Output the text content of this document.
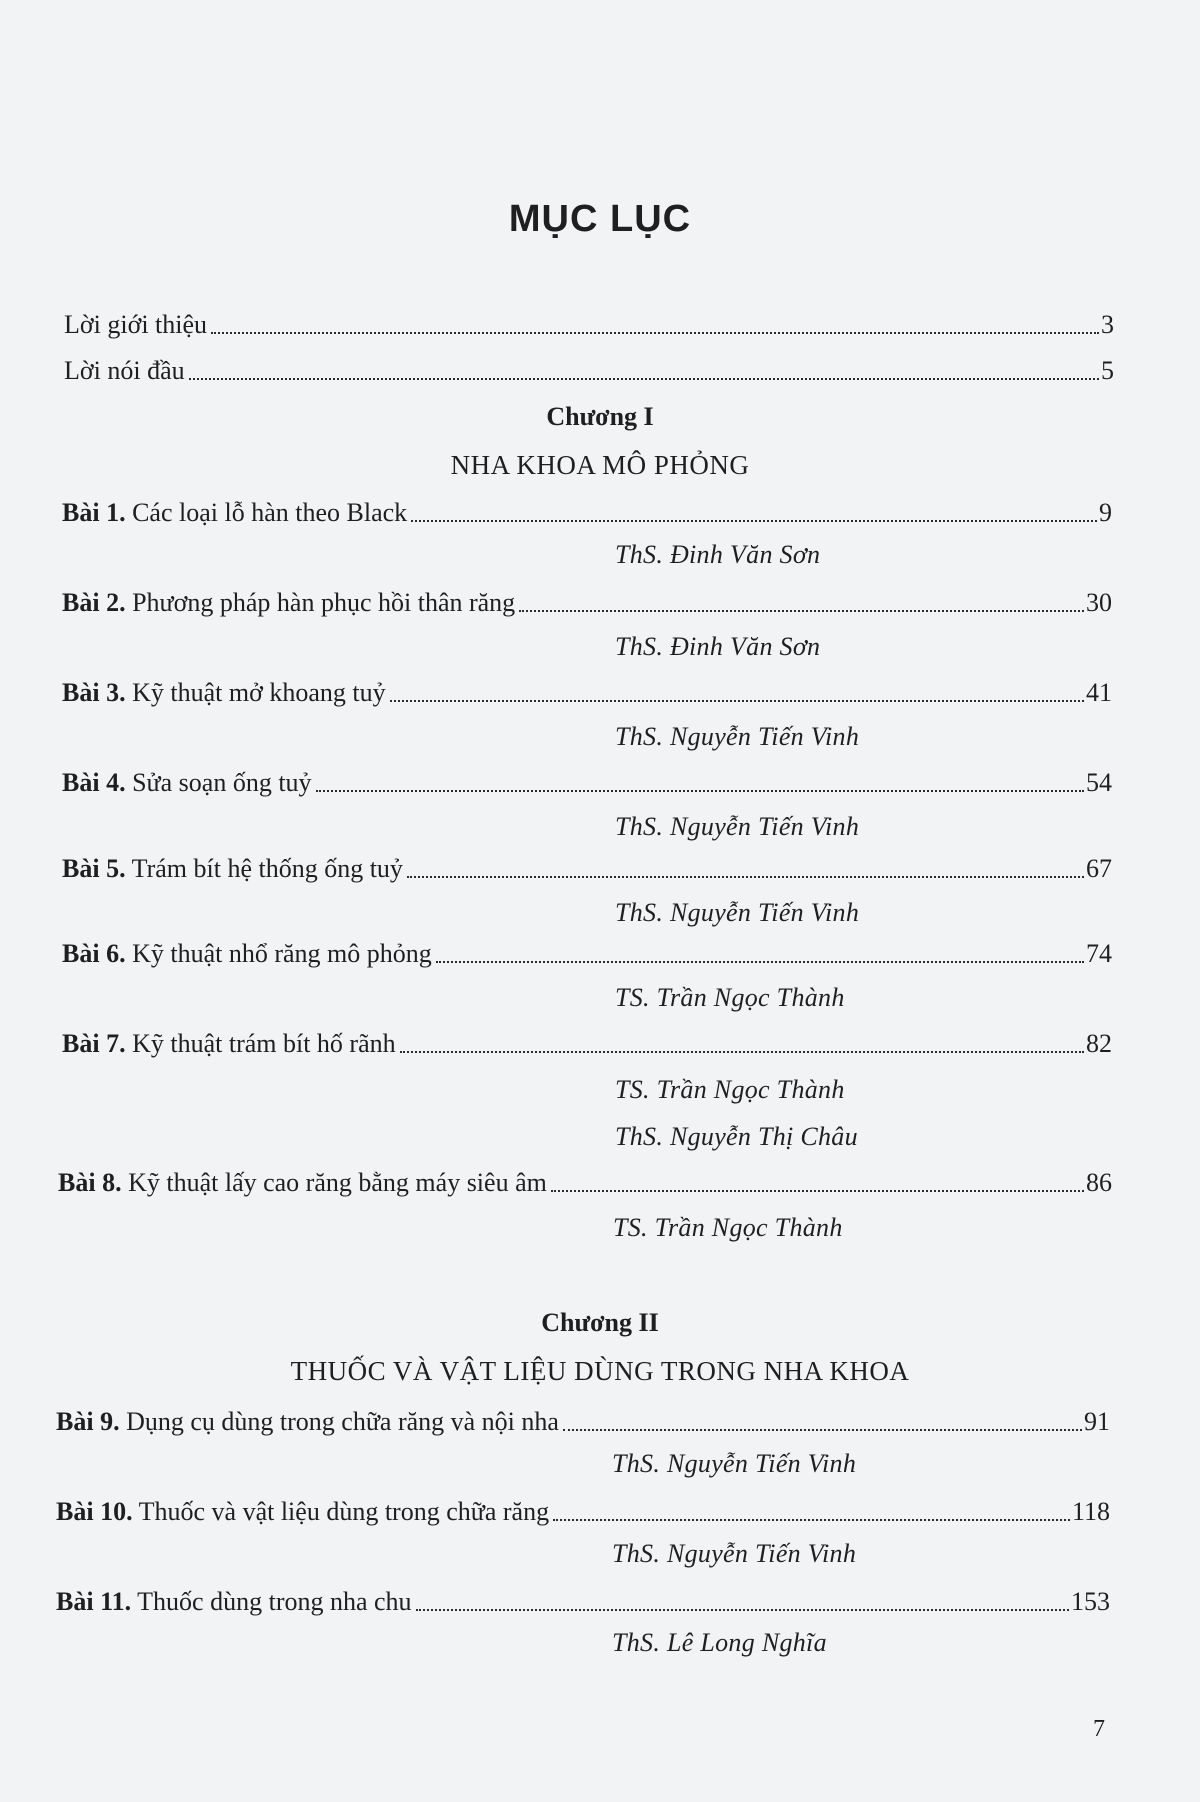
MỤC LỤC
Lời giới thiệu	3
Lời nói đầu	5
Chương I
NHA KHOA MÔ PHỎNG
Bài 1. Các loại lỗ hàn theo Black	9
ThS. Đinh Văn Sơn
Bài 2. Phương pháp hàn phục hồi thân răng	30
ThS. Đinh Văn Sơn
Bài 3. Kỹ thuật mở khoang tuỷ	41
ThS. Nguyễn Tiến Vinh
Bài 4. Sửa soạn ống tuỷ	54
ThS. Nguyễn Tiến Vinh
Bài 5. Trám bít hệ thống ống tuỷ	67
ThS. Nguyễn Tiến Vinh
Bài 6. Kỹ thuật nhổ răng mô phỏng	74
TS. Trần Ngọc Thành
Bài 7. Kỹ thuật trám bít hố rãnh	82
TS. Trần Ngọc Thành
ThS. Nguyễn Thị Châu
Bài 8. Kỹ thuật lấy cao răng bằng máy siêu âm	86
TS. Trần Ngọc Thành
Chương II
THUỐC VÀ VẬT LIỆU DÙNG TRONG NHA KHOA
Bài 9. Dụng cụ dùng trong chữa răng và nội nha	91
ThS. Nguyễn Tiến Vinh
Bài 10. Thuốc và vật liệu dùng trong chữa răng	118
ThS. Nguyễn Tiến Vinh
Bài 11. Thuốc dùng trong nha chu	153
ThS. Lê Long Nghĩa
7
